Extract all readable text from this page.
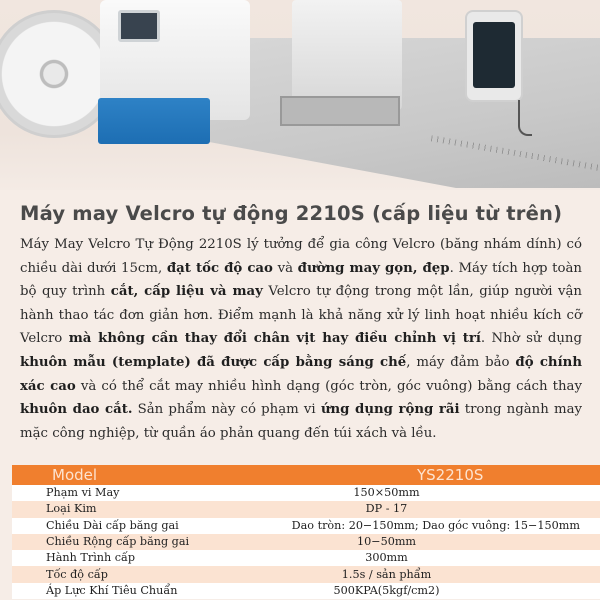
Máy may Velcro tự động 2210S (cấp liệu từ trên)

Máy May Velcro Tự Động 2210S lý tưởng để gia công Velcro (băng nhám dính) có chiều dài dưới 15cm, đạt tốc độ cao và đường may gọn, đẹp. Máy tích hợp toàn bộ quy trình cắt, cấp liệu và may Velcro tự động trong một lần, giúp người vận hành thao tác đơn giản hơn. Điểm mạnh là khả năng xử lý linh hoạt nhiều kích cỡ Velcro mà không cần thay đổi chân vịt hay điều chỉnh vị trí. Nhờ sử dụng khuôn mẫu (template) đã được cấp bằng sáng chế, máy đảm bảo độ chính xác cao và có thể cắt may nhiều hình dạng (góc tròn, góc vuông) bằng cách thay khuôn dao cắt. Sản phẩm này có phạm vi ứng dụng rộng rãi trong ngành may mặc công nghiệp, từ quần áo phản quang đến túi xách và lều.

Model	YS2210S
Phạm vi May	150×50mm
Loại Kim	DP - 17
Chiều Dài cấp băng gai	Dao tròn: 20−150mm; Dao góc vuông: 15−150mm
Chiều Rộng cấp băng gai	10−50mm
Hành Trình cấp	300mm
Tốc độ cấp	1.5s / sản phẩm
Áp Lực Khí Tiêu Chuẩn	500KPA(5kgf/cm2)
